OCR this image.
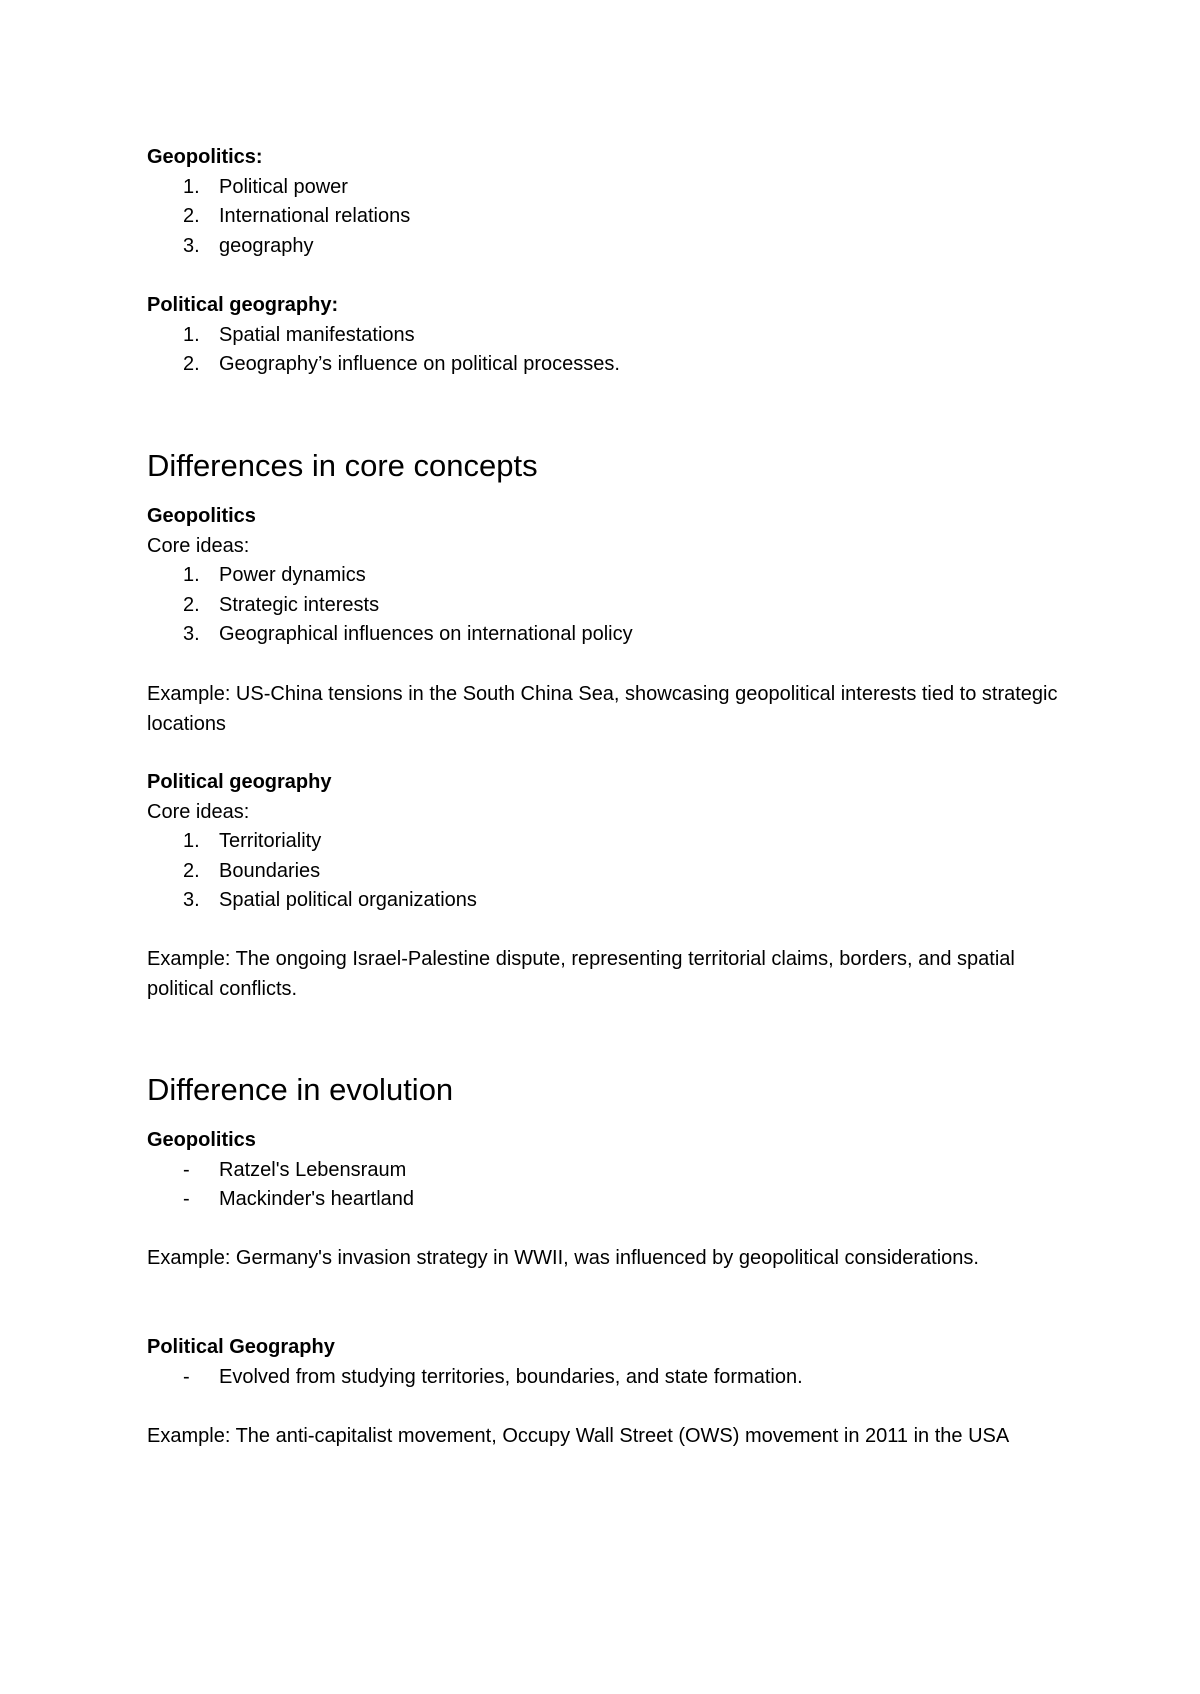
Geopolitics:

1. Political power
2. International relations
3. geography

Political geography:

1. Spatial manifestations
2. Geography’s influence on political processes.
Differences in core concepts

Geopolitics

Core ideas:

1. Power dynamics
2. Strategic interests
3. Geographical influences on international policy

Example: US-China tensions in the South China Sea, showcasing geopolitical interests tied to strategic locations

Political geography

Core ideas:

1. Territoriality
2. Boundaries
3. Spatial political organizations

Example: The ongoing Israel-Palestine dispute, representing territorial claims, borders, and spatial political conflicts.

Difference in evolution

Geopolitics

- Ratzel's Lebensraum
- Mackinder's heartland

Example: Germany's invasion strategy in WWII, was influenced by geopolitical considerations.

Political Geography

- Evolved from studying territories, boundaries, and state formation.

Example: The anti-capitalist movement, Occupy Wall Street (OWS) movement in 2011 in the USA
